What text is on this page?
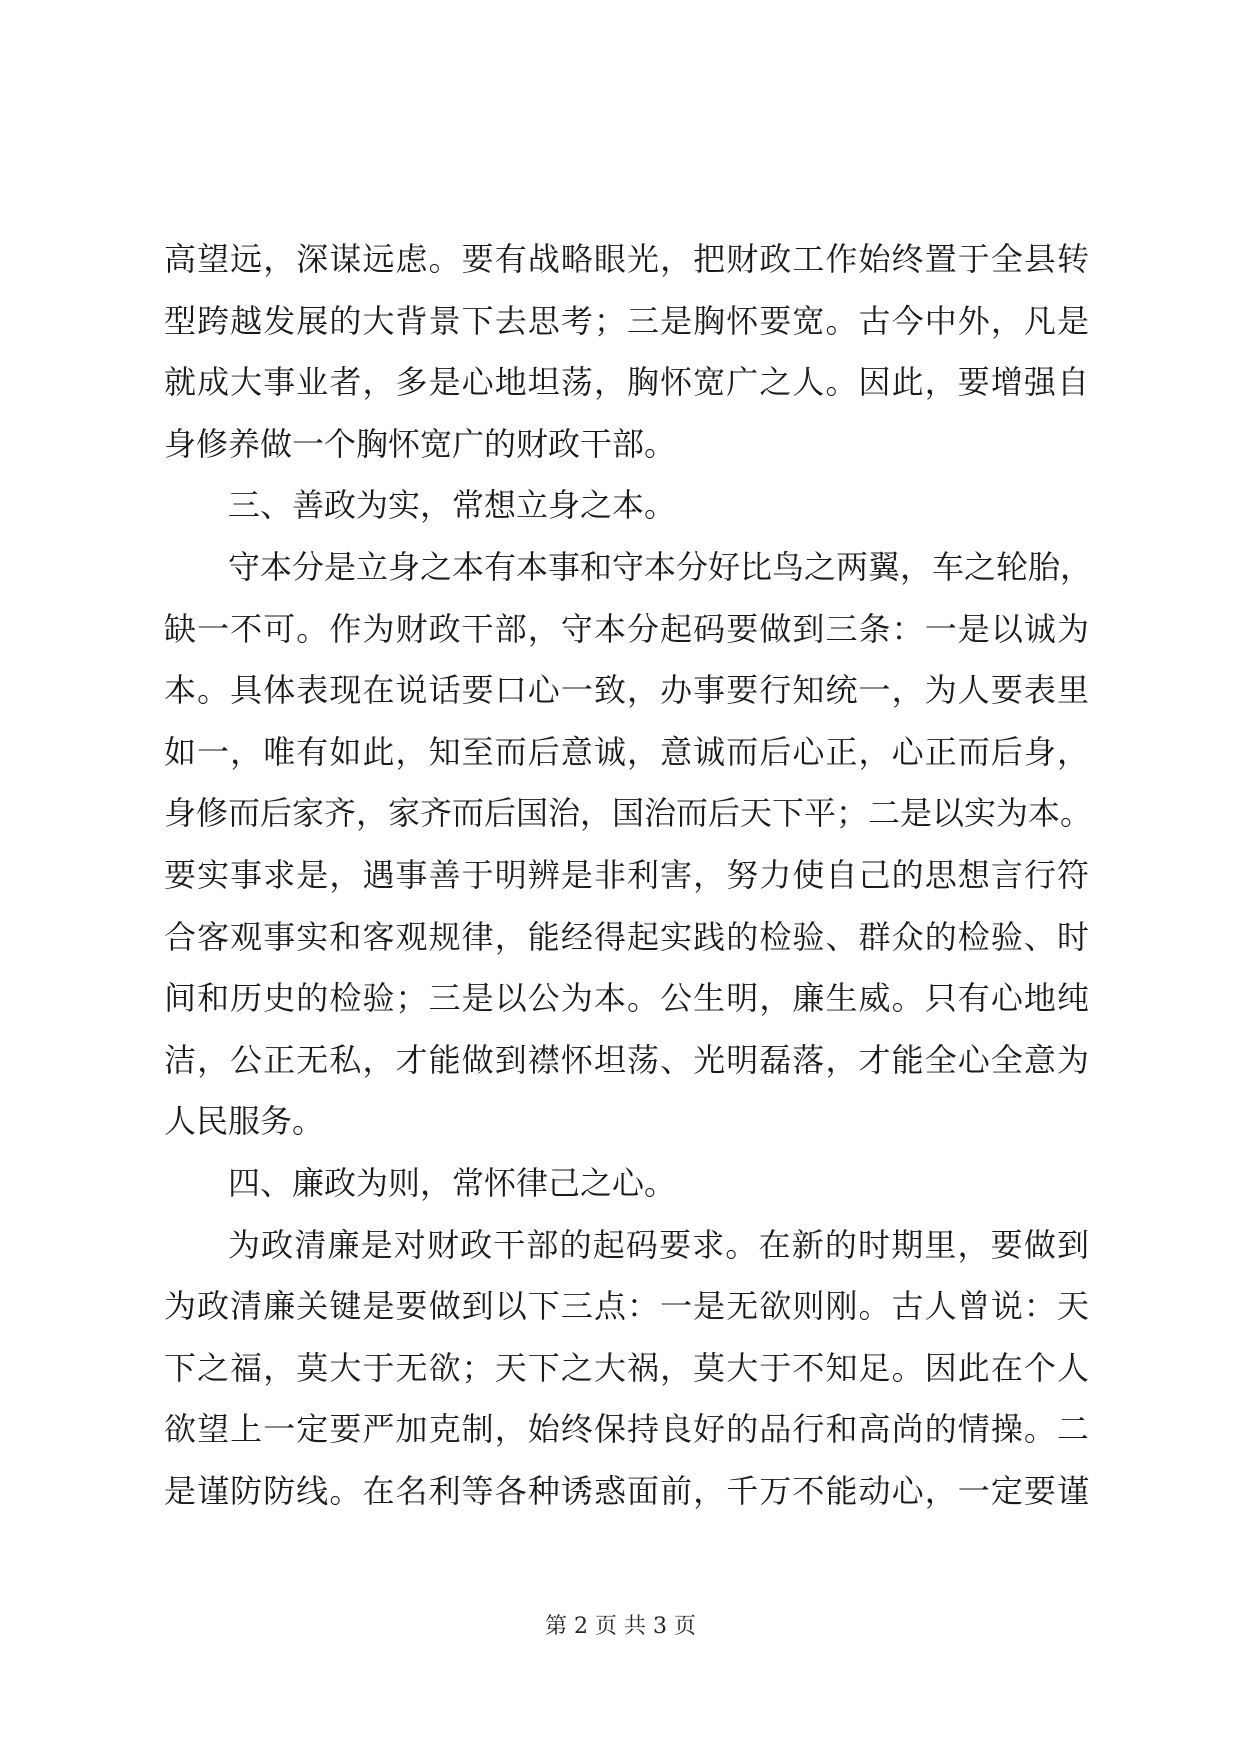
高望远，深谋远虑。要有战略眼光，把财政工作始终置于全县转
型跨越发展的大背景下去思考；三是胸怀要宽。古今中外，凡是
就成大事业者，多是心地坦荡，胸怀宽广之人。因此，要增强自
身修养做一个胸怀宽广的财政干部。
三、善政为实，常想立身之本。
守本分是立身之本有本事和守本分好比鸟之两翼，车之轮胎，
缺一不可。作为财政干部，守本分起码要做到三条：一是以诚为
本。具体表现在说话要口心一致，办事要行知统一，为人要表里
如一，唯有如此，知至而后意诚，意诚而后心正，心正而后身，
身修而后家齐，家齐而后国治，国治而后天下平；二是以实为本。
要实事求是，遇事善于明辨是非利害，努力使自己的思想言行符
合客观事实和客观规律，能经得起实践的检验、群众的检验、时
间和历史的检验；三是以公为本。公生明，廉生威。只有心地纯
洁，公正无私，才能做到襟怀坦荡、光明磊落，才能全心全意为
人民服务。
四、廉政为则，常怀律己之心。
为政清廉是对财政干部的起码要求。在新的时期里，要做到
为政清廉关键是要做到以下三点：一是无欲则刚。古人曾说：天
下之福，莫大于无欲；天下之大祸，莫大于不知足。因此在个人
欲望上一定要严加克制，始终保持良好的品行和高尚的情操。二
是谨防防线。在名利等各种诱惑面前，千万不能动心，一定要谨
第 2 页 共 3 页
